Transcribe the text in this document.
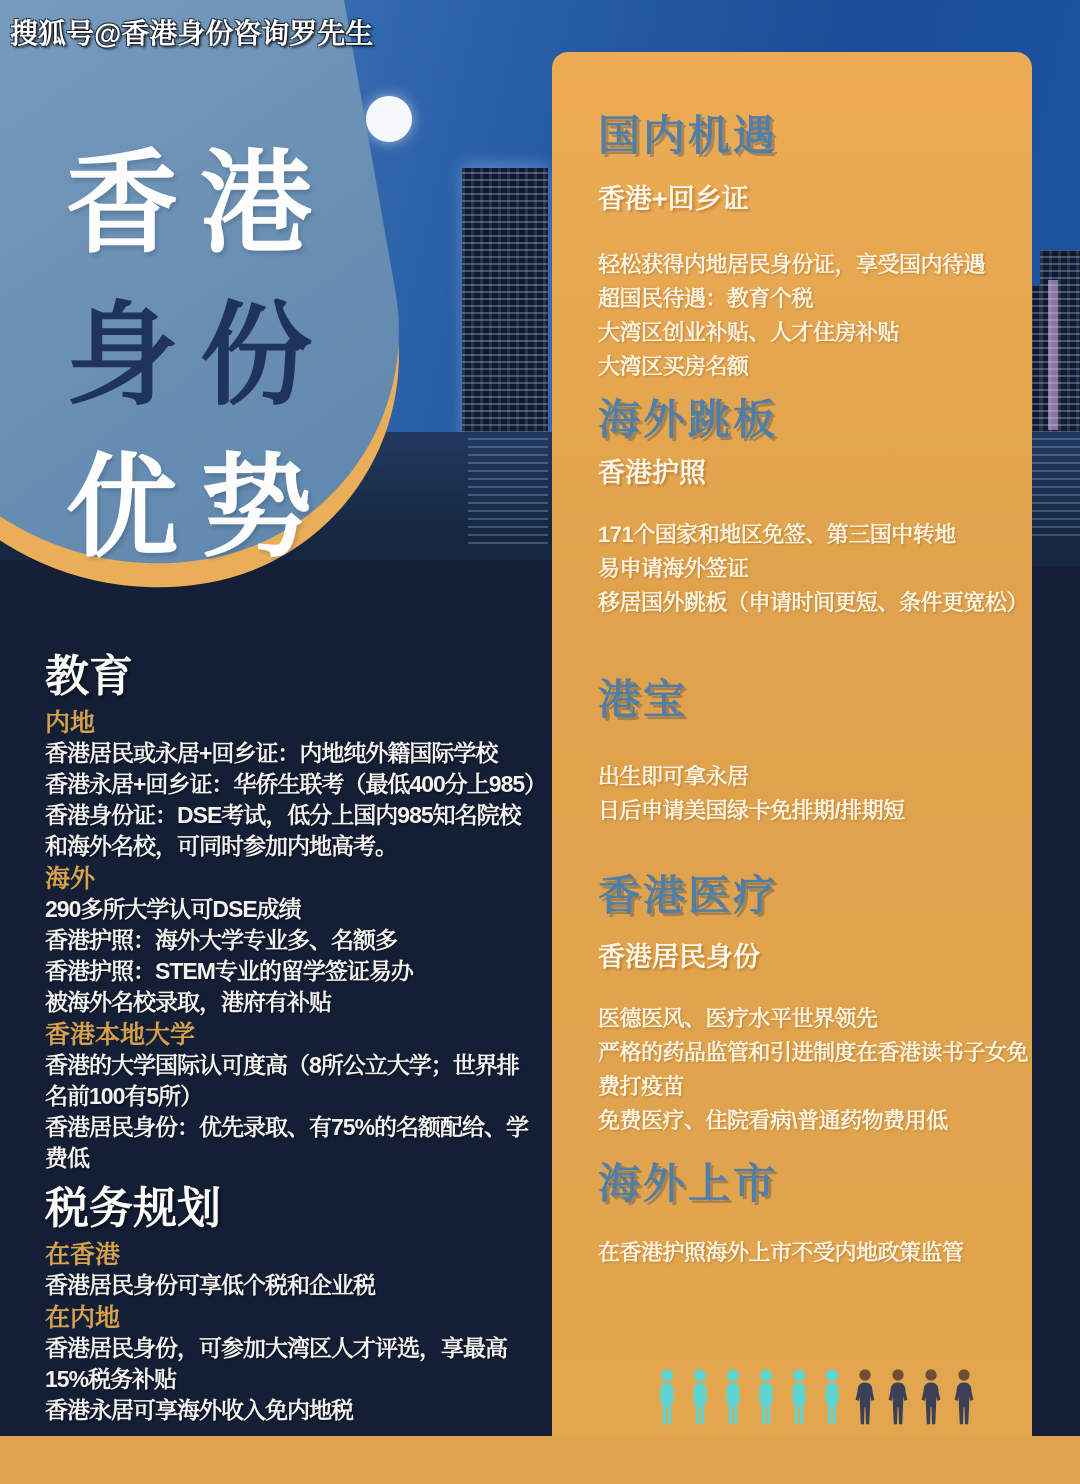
香港
身份
优势
搜狐号@香港身份咨询罗先生
教育
内地
香港居民或永居+回乡证：内地纯外籍国际学校
香港永居+回乡证：华侨生联考（最低400分上985）
香港身份证：DSE考试，低分上国内985知名院校和海外名校，可同时参加内地高考。
海外
290多所大学认可DSE成绩
香港护照：海外大学专业多、名额多
香港护照：STEM专业的留学签证易办
被海外名校录取，港府有补贴
香港本地大学
香港的大学国际认可度高（8所公立大学；世界排名前100有5所）
香港居民身份：优先录取、有75%的名额配给、学费低
税务规划
在香港
香港居民身份可享低个税和企业税
在内地
香港居民身份，可参加大湾区人才评选，享最高15%税务补贴
香港永居可享海外收入免内地税
国内机遇
香港+回乡证
轻松获得内地居民身份证，享受国内待遇
超国民待遇：教育个税
大湾区创业补贴、人才住房补贴
大湾区买房名额
海外跳板
香港护照
171个国家和地区免签、第三国中转地
易申请海外签证
移居国外跳板（申请时间更短、条件更宽松）
港宝
出生即可拿永居
日后申请美国绿卡免排期/排期短
香港医疗
香港居民身份
医德医风、医疗水平世界领先
严格的药品监管和引进制度在香港读书子女免费打疫苗
免费医疗、住院看病\普通药物费用低
海外上市
在香港护照海外上市不受内地政策监管
